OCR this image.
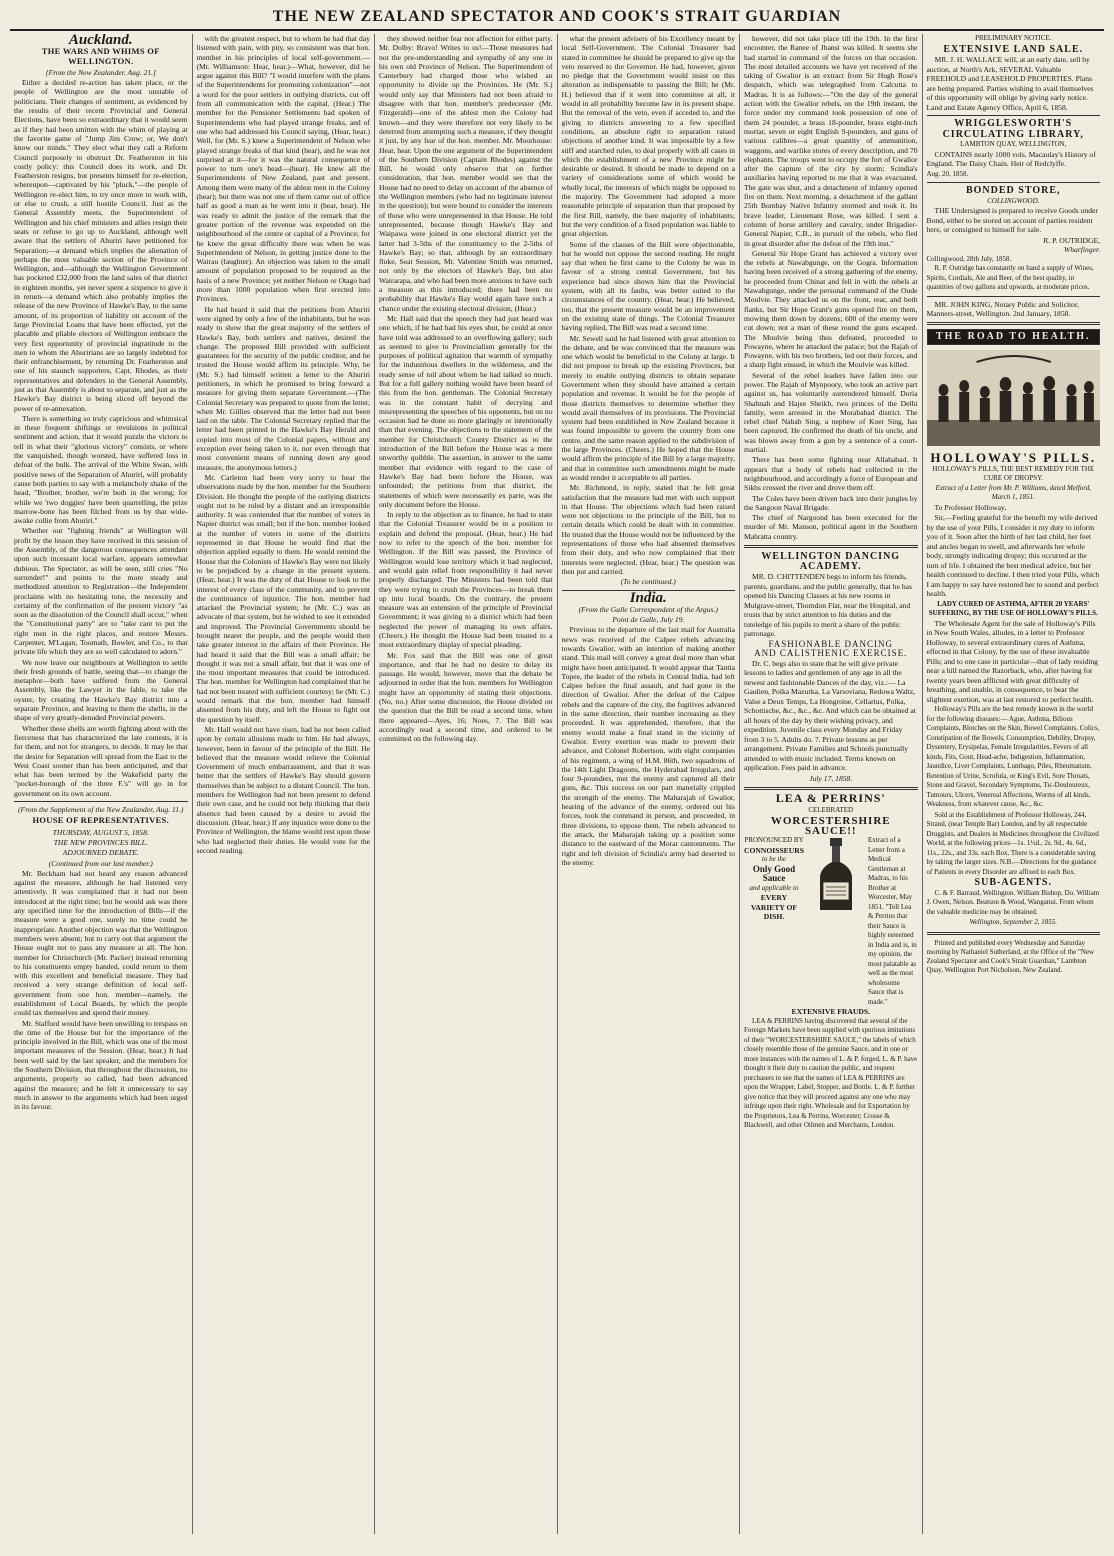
THE NEW ZEALAND SPECTATOR AND COOK'S STRAIT GUARDIAN
Auckland.
THE WARS AND WHIMS OF WELLINGTON.
[From the New Zealander, Aug. 21.]

Either a decided re-action has taken place, or the people of Wellington are the most unstable of politicians. Their changes of sentiment, as evidenced by the results of their recent Provincial and General Elections, have been so extraordinary that it would seem as if they had been smitten with the whim of playing at the favorite game of "Jump Jim Crow; or, We don't know our minds." They elect what they call a Reform Council purposely to obstruct Dr. Featherston in his costly policy: this Council does its work, and Dr. Featherston resigns, but presents himself for re-election, whereupon—captivated by his "pluck,"—the people of Wellington re-elect him, to try once more to work with, or else to crush, a still hostile Council. Just as the General Assembly meets, the Superintendent of Wellington and his chief ministers and allies resign their seats or refuse to go up to Auckland, although well aware that the settlers of Ahuriri have petitioned for Separation;—a demand which implies the alienation of perhaps the most valuable section of the Province of Wellington, and—although the Wellington Government has pocketed £32,000 from the land sales of that district in eighteen months, yet never spent a sixpence to give it in return—a demand which also probably implies the release of the new Province of Hawke's Bay, to the same amount, of its proportion of liability on account of the large Provincial Loans that have been effected, yet the placable and pliable electors of Wellington embrace the very first opportunity of provincial ingratitude to the men to whom the Ahuririans are so largely indebted for their enfranchisement, by returning Dr. Featherston and one of his staunch supporters, Capt. Rhodes, as their representatives and defenders in the General Assembly, just as that Assembly is about to separate, and just as the Hawke's Bay district is being sliced off beyond the power of re-annexation.

There is something so truly capricious and whimsical in these frequent shiftings or revulsions in political sentiment and action, that it would puzzle the victors to tell in what their "glorious victory" consists, or where the vanquished, though worsted, have suffered loss in defeat of the bulk. The arrival of the White Swan, with positive news of the Separation of Ahuriri, will probably cause both parties to say with a melancholy shake of the head, "Brother, brother, we're both in the wrong; for while we 'two doggies' have been quarrelling, the prize marrow-bone has been filched from us by that wide-awake collie from Ahuriri."

Whether our "fighting friends" at Wellington will profit by the lesson they have received in this session of the Assembly, of the dangerous consequences attendant upon such incessant local warfare, appears somewhat dubious. The Spectator, as will be seen, still cries "No surrender!" and points to the more steady and methodized attention to Registration—the Independent proclaims with no hesitating tone, the necessity and certainty of the confirmation of the present victory "as soon as the dissolution of the Council shall occur," when the "Constitutional party" are to "take care to put the right men in the right places, and restore Messrs. Carpenter, M'Lagan, Toomath, Bowler, and Co., to that private life which they are so well calculated to adorn."

We now leave our neighbours at Wellington to settle their fresh grounds of battle, seeing that—to change the metaphor—both have suffered from the General Assembly, like the Lawyer in the fable, to take the oyster, by creating the Hawke's Bay district into a separate Province, and leaving to them the shells, in the shape of very greatly-denuded Provincial powers.

Whether these shells are worth fighting about with the fierceness that has characterized the late contests, it is for them, and not for strangers, to decide. It may be that the desire for Separation will spread from the East to the West Coast sooner than has been anticipated, and that what has been termed by the Wakefield party the "pocket-borough of the three F.'s" will go in for government on its own account.

(From the Supplement of the New Zealander, Aug. 11.)
HOUSE OF REPRESENTATIVES.
THURSDAY, AUGUST 5, 1858.
THE NEW PROVINCES BILL.
ADJOURNED DEBATE.
(Continued from our last number.)

Mr. Beckham had not heard any reason advanced against the measure, although he had listened very attentively. It was complained that it had not been introduced at the right time; but he would ask was there any specified time for the introduction of Bills—if the measure were a good one, surely no time could be inappropriate. Another objection was that the Wellington members were absent; but to carry out that argument the House ought not to pass any measure at all. The hon. member for Christchurch (Mr. Packer) instead returning to his constituents empty handed, could return to them with this excellent and beneficial measure. They had received a very strange definition of local self-government from one hon. member—namely, the establishment of Local Boards, by which the people could tax themselves and spend their money.

Mr. Stafford would have been unwilling to trespass on the time of the House but for the importance of the principle involved in the Bill, which was one of the most important measures of the Session. (Hear, hear.) It had been well said by the last speaker, and the members for the Southern Division, that throughout the discussion, no arguments, properly so called, had been advanced against the measure; and he felt it unnecessary to say much in answer to the arguments which had been urged in its favour.

with the greatest respect, but to whom he had that day listened with pain, with pity, so consistent was that hon. member in his principles of local self-government.—(Mr. Williamson: Hear, hear.)—What, however, did he argue against this Bill? "I would interfere with the plans of the Superintendents for promoting colonization"—not a word for the poor settlers in outlying districts, cut off from all communication with the capital. (Hear.) The member for the Pensioner Settlements had spoken of Superintendents who had played strange freaks, and of one who had addressed his Council saying, (Hear, hear.) Well, for (Mr. S.) knew a Superintendent of Nelson who played strange freaks of that kind (hear), and he was not surprised at it—for it was the natural consequence of power to turn one's head—(hear). He knew all the Superintendents of New Zealand, past and present. Among them were many of the ablest men in the Colony (hear); but there was not one of them came out of office half as good a man as he went into it (hear, hear). He was ready to admit the justice of the remark that the greater portion of the revenue was expended on the neighbourhood of the centre or capital of a Province; for he knew the great difficulty there was when he was Superintendent of Nelson, in getting justice done to the Wairau (laughter). An objection was taken to the small amount of population proposed to be required as the basis of a new Province; yet neither Nelson or Otago had more than 1000 population when first erected into Provinces.

He had heard it said that the petitions from Ahuriri were signed by only a few of the inhabitants, but he was ready to show that the great majority of the settlers of Hawke's Bay, both settlers and natives, desired the change. The proposed Bill provided with sufficient guarantees for the security of the public creditor, and he trusted the House would affirm its principle. Why, he (Mr. S.) had himself written a letter to the Ahuriri petitioners, in which he promised to bring forward a measure for giving them separate Government.—(The Colonial Secretary was prepared to quote from the letter, when Mr. Gillies observed that the letter had not been laid on the table. The Colonial Secretary replied that the letter had been printed in the Hawke's Bay Herald and copied into most of the Colonial papers, without any exception ever being taken to it, nor even through that most convenient means of running down any good measure, the anonymous letters.)

Mr. Carleton had been very sorry to hear the observations made by the hon. member for the Southern Division. He thought the people of the outlying districts ought not to be ruled by a distant and an irresponsible authority. It was contended that the number of voters in Napier district was small; but if the hon. member looked at the number of voters in some of the districts represented in that House he would find that the objection applied equally to them. He would remind the House that the Colonists of Hawke's Bay were not likely to be prejudiced by a change in the present system. (Hear, hear.) It was the duty of that House to look to the interest of every class of the community, and to prevent the continuance of injustice. The hon. member had attacked the Provincial system; he (Mr. C.) was an advocate of that system, but he wished to see it extended and improved. The Provincial Governments should be brought nearer the people, and the people would then take greater interest in the affairs of their Province. He had heard it said that the Bill was a small affair; he thought it was not a small affair, but that it was one of the most important measures that could be introduced. The hon. member for Wellington had complained that he had not been treated with sufficient courtesy; he (Mr. C.) would remark that the hon. member had himself absented from his duty, and left the House to fight out the question by itself.

Mr. Hall would not have risen, had he not been called upon by certain allusions made to him. He had always, however, been in favour of the principle of the Bill. He believed that the measure would relieve the Colonial Government of much embarrassment, and that it was better that the settlers of Hawke's Bay should govern themselves than be subject to a distant Council. The hon. members for Wellington had not been present to defend their own case, and he could not help thinking that their absence had been caused by a desire to avoid the discussion. (Hear, hear.) If any injustice were done to the Province of Wellington, the blame would rest upon those who had neglected their duties. He would vote for the second reading.

they showed neither fear nor affection for either party. Mr. Dolby: Bravo! Writes to us!—Those measures had not the pre-understanding and sympathy of any one in his own old Province of Nelson. The Superintendent of Canterbury had charged those who wished an opportunity to divide up the Provinces. He (Mr. S.) would only say that Ministers had not been afraid to disagree with that hon. member's predecessor (Mr. Fitzgerald)—one of the ablest men the Colony had known—and they were therefore not very likely to be deterred from attempting such a measure, if they thought it just, by any fear of the hon. member. Mr. Moorhouse: Hear, hear. Upon the one argument of the Superintendent of the Southern Division (Captain Rhodes) against the Bill, he would only observe that on further consideration, that hon. member would see that the House had no need to delay on account of the absence of the Wellington members (who had no legitimate interest in the question); but were bound to consider the interests of those who were unrepresented in that House. He told unrepresented, because though Hawke's Bay and Waipawa were joined in one electoral district yet the latter had 3-5ths of the constituency to the 2-5ths of Hawke's Bay; so that, although by an extraordinary fluke, Seat Session, Mr. Valentine Smith was returned, not only by the electors of Hawke's Bay, but also Wairarapa, and who had been more anxious to have such a measure as this introduced; there had been no probability that Hawke's Bay would again have such a chance under the existing electoral division, (Hear.)

Mr. Hall said that the speech they had just heard was one which, if he had had his eyes shut, he could at once have told was addressed to an overflowing gallery; such as seemed to give to Provincialism generally for the purposes of political agitation that warmth of sympathy for the industrious dwellers in the wilderness, and the ready sense of toil about whom he had talked so much. But for a full gallery nothing would have been heard of this from the hon. gentleman. The Colonial Secretary was in the constant habit of decrying and misrepresenting the speeches of his opponents, but on no occasion had he done so more glaringly or intentionally than that evening. The objections to the statement of the member for Christchurch County District as to the introduction of the Bill before the House was a mere unworthy quibble. The assertion, in answer to the same member that evidence with regard to the case of Hawke's Bay had been before the House, was unfounded; the petitions from that district, the statements of which were necessarily ex parte, was the only document before the House.

In reply to the objection as to finance, he had to state that the Colonial Treasurer would be in a position to explain and defend the proposal. (Hear, hear.) He had now to refer to the speech of the hon. member for Wellington. If the Bill was passed, the Province of Wellington would lose territory which it had neglected, and would gain relief from responsibility it had never properly discharged. The Ministers had been told that they were trying to crush the Provinces—to break them up into local boards. On the contrary, the present measure was an extension of the principle of Provincial Government; it was giving to a district which had been neglected the power of managing its own affairs. (Cheers.) He thought the House had been treated to a most extraordinary display of special pleading.

Mr. Fox said that the Bill was one of great importance, and that he had no desire to delay its passage. He would, however, move that the debate be adjourned in order that the hon. members for Wellington might have an opportunity of stating their objections. (No, no.) After some discussion, the House divided on the question that the Bill be read a second time, when there appeared—Ayes, 16; Noes, 7. The Bill was accordingly read a second time, and ordered to be committed on the following day.

what the present advisers of his Excellency meant by local Self-Government. The Colonial Treasurer had stated in committee he should be prepared to give up the veto reserved to the Governor. He had, however, given no pledge that the Government would insist on this alteration as indispensable to passing the Bill; he (Mr. H.) believed that if it went into committee at all, it would in all probability become law in its present shape. But the removal of the veto, even if acceded to, and the giving to districts answering to a few specified conditions, an absolute right to separation raised objections of another kind. It was impossible by a few stiff and starched rules, to deal properly with all cases in which the establishment of a new Province might be desirable or desired. It should be made to depend on a variety of considerations some of which would be wholly local, the interests of which might be opposed to the majority. The Government had adopted a more reasonable principle of separation than that proposed by the first Bill, namely, the bare majority of inhabitants; but the very condition of a fixed population was liable to great objection.

Some of the clauses of the Bill were objectionable, but he would not oppose the second reading. He might say that when he first came to the Colony he was in favour of a strong central Government, but his experience had since shown him that the Provincial system, with all its faults, was better suited to the circumstances of the country. (Hear, hear.) He believed, too, that the present measure would be an improvement on the existing state of things. The Colonial Treasurer having replied, The Bill was read a second time.

Mr. Sewell said he had listened with great attention to the debate, and he was convinced that the measure was one which would be beneficial to the Colony at large. It did not propose to break up the existing Provinces, but merely to enable outlying districts to obtain separate Government when they should have attained a certain population and revenue. It would be for the people of those districts themselves to determine whether they would avail themselves of its provisions. The Provincial system had been established in New Zealand because it was found impossible to govern the country from one centre, and the same reason applied to the subdivision of the large Provinces. (Cheers.) He hoped that the House would affirm the principle of the Bill by a large majority, and that in committee such amendments might be made as would render it acceptable to all parties.

Mr. Richmond, in reply, stated that he felt great satisfaction that the measure had met with such support in that House. The objections which had been raised were not objections to the principle of the Bill, but to certain details which could be dealt with in committee. He trusted that the House would not be influenced by the representations of those who had absented themselves from their duty, and who now complained that their interests were neglected. (Hear, hear.) The question was then put and carried.

(To be continued.)
India.
(From the Galle Correspondent of the Argus.)
Point de Galle, July 19.

Previous to the departure of the last mail for Australia news was received of the Calpee rebels advancing towards Gwalior, with an intention of making another stand. This mail will convey a great deal more than what might have been anticipated. It would appear that Tantia Topee, the leader of the rebels in Central India, had left Calpee before the final assault, and had gone in the direction of Gwalior. After the defeat of the Calpee rebels and the capture of the city, the fugitives advanced in the same direction, their number increasing as they proceeded. It was apprehended, therefore, that the enemy would make a final stand in the vicinity of Gwalior. Every exertion was made to prevent their advance, and Colonel Robertson, with eight companies of his regiment, a wing of H.M. 86th, two squadrons of the 14th Light Dragoons, the Hyderabad Irregulars, and four 9-pounders, met the enemy and captured all their guns, &c. This success on our part materially crippled the strength of the enemy. The Maharajah of Gwalior, hearing of the advance of the enemy, ordered out his forces, took the command in person, and proceeded, in three divisions, to oppose them. The rebels advanced to the attack, the Maharajah taking up a position some distance to the eastward of the Morar cantonments. The right and left division of Scindia's army had deserted to the enemy.

however, did not take place till the 19th. In the first encounter, the Ranee of Jhansi was killed. It seems she had started in command of the forces on that occasion. The most detailed accounts we have yet received of the taking of Gwalior is an extract from Sir Hugh Rose's despatch, which was telegraphed from Calcutta to Madras. It is as follows:—"On the day of the general action with the Gwalior rebels, on the 19th instant, the force under my command took possession of one of them 24 pounder, a brass 18-pounder, brass eight-inch mortar, seven or eight English 9-pounders, and guns of various calibres—a great quantity of ammunition, waggons, and warlike stores of every description, and 70 elephants. The troops went to occupy the fort of Gwalior after the capture of the city by storm; Scindia's auxiliaries having reported to me that it was evacuated. The gate was shut, and a detachment of infantry opened fire on them. Next morning, a detachment of the gallant 25th Bombay Native Infantry stormed and took it. Its brave leader, Lieutenant Rose, was killed. I sent a column of horse artillery and cavalry, under Brigadier-General Napier, C.B., in pursuit of the rebels, who fled in great disorder after the defeat of the 19th inst."

General Sir Hope Grant has achieved a victory over the rebels at Nawabgunge, on the Gogra. Information having been received of a strong gathering of the enemy, he proceeded from Chinat and fell in with the rebels at Nawabgunge, under the personal command of the Oude Moulvie. They attacked us on the front, rear, and both flanks, but Sir Hope Grant's guns opened fire on them, mowing them down by dozens; 600 of the enemy were cut down; not a man of these round the guns escaped. The Moulvie being thus defeated, proceeded to Powayne, where he attacked the palace; but the Rajah of Powayne, with his two brothers, led out their forces, and a sharp fight ensued, in which the Moulvie was killed.

Several of the rebel leaders have fallen into our power. The Rajah of Mynpoory, who took an active part against us, has voluntarily surrendered himself. Doria Shahnah and Hajee Sheikh, two princes of the Delhi family, were arrested in the Morababad district. The rebel chief Nabab Sing, a nephew of Koer Sing, has been captured. He confirmed the death of his uncle, and was blown away from a gun by a sentence of a court-martial.

There has been some fighting near Allahabad. It appears that a body of rebels had collected in the neighbourhood, and accordingly a force of European and Sikhs crossed the river and drove them off.

The Coles have been driven back into their jungles by the Sangoon Naval Brigade.

The chief of Nargoond has been executed for the murder of Mr. Manson, political agent in the Southern Mahratta country.

WELLINGTON DANCING ACADEMY.

MR. D. CHITTENDEN begs to inform his friends, parents, guardians, and the public generally, that he has opened his Dancing Classes at his new rooms in Mulgrave-street, Thorndon Flat, near the Hospital, and trusts that by strict attention to his duties and the tuteledge of his pupils to merit a share of the public patronage.

FASHIONABLE DANCING
AND CALISTHENIC EXERCISE.

Dr. C. begs also to state that he will give private lessons to ladies and gentlemen of any age in all the newest and fashionable Dances of the day, viz.:— La Gaulien, Polka Mazurka, La Varsoviana, Redowa Waltz, Valse a Deux Temps, La Hongroise, Cellarius, Polka, Schottische, &c., &c., &c. And which can be obtained at all hours of the day by their wishing privacy, and expedition. Juvenile class every Monday and Friday from 3 to 5. Adults do. 7. Private lessons as per arrangement. Private Families and Schools punctually attended to with music included. Terms known on application. Fees paid in advance.

July 17, 1858.
LEA & PERRINS'
CELEBRATED
WORCESTERSHIRE SAUCE!!
PRONOUNCED BY
CONNOISSEURS
to be the
Only Good Sauce
and applicable to
EVERY VARIETY OF DISH.
Extract of a Letter from a Medical Gentleman at Madras, to his Brother at Worcester, May 1851. "Tell Lea & Perrins that their Sauce is highly esteemed in India and is, in my opinion, the most palatable as well as the most wholesome Sauce that is made."
EXTENSIVE FRAUDS.

LEA & PERRINS having discovered that several of the Foreign Markets have been supplied with spurious imitations of their "WORCESTERSHIRE SAUCE," the labels of which closely resemble those of the genuine Sauce, and in one or more instances with the names of L. & P. forged, L. & P. have thought it their duty to caution the public, and request purchasers to see that the names of LEA & PERRINS are upon the Wrapper, Label, Stopper, and Bottle. L. & P. further give notice that they will proceed against any one who may infringe upon their right. Wholesale and for Exportation by the Proprietors, Lea & Perrins, Worcester; Crosse & Blackwell, and other Oilmen and Merchants, London.

PRELIMINARY NOTICE.
EXTENSIVE LAND SALE.

MR. J. H. WALLACE will, at an early date, sell by auction, at North's Ark, SEVERAL Valuable FREEHOLD and LEASEHOLD PROPERTIES. Plans are being prepared. Parties wishing to avail themselves of this opportunity will oblige by giving early notice. Land and Estate Agency Office, April 6, 1858.

WRIGGLESWORTH'S
CIRCULATING LIBRARY,
LAMBTON QUAY, WELLINGTON,

CONTAINS nearly 1000 vols. Macaulay's History of England. The Daisy Chain. Heir of Redclyffe.

Aug. 20, 1858.
BONDED STORE,
COLLINGWOOD.

THE Undersigned is prepared to receive Goods under Bond, either to be stored on account of parties resident here, or consigned to himself for sale.

R. P. OUTRIDGE,
Wharfinger.
Collingwood, 28th July, 1858.

R. P. Outridge has constantly on hand a supply of Wines, Spirits, Cordials, Ale and Beer, of the best quality, in quantities of two gallons and upwards, at moderate prices.

MR. JOHN KING, Notary Public and Solicitor, Manners-street, Wellington. 2nd January, 1858.

THE ROAD TO HEALTH.
HOLLOWAY'S PILLS.
HOLLOWAY'S PILLS, THE BEST REMEDY FOR THE CURE OF DROPSY.
Extract of a Letter from Mr. P. Williams, dated Melford, March 1, 1851.

To Professor Holloway,

Sir,—Feeling grateful for the benefit my wife derived by the use of your Pills, I consider it my duty to inform you of it. Soon after the birth of her last child, her feet and ancles began to swell, and afterwards her whole body, strongly indicating dropsy; this occurred at the turn of life. I obtained the best medical advice, but her health continued to decline. I then tried your Pills, which I am happy to say have restored her to sound and perfect health.

LADY CURED OF ASTHMA, AFTER 20 YEARS' SUFFERING, BY THE USE OF HOLLOWAY'S PILLS.

The Wholesale Agent for the sale of Holloway's Pills in New South Wales, alludes, in a letter to Professor Holloway, to several extraordinary cures of Asthma, effected in that Colony, by the use of these invaluable Pills; and to one case in particular—that of lady residing near a hill named the Razorback, who, after having for twenty years been afflicted with great difficulty of breathing, and unable, in consequence, to bear the slightest exertion, was at last restored to perfect health.

Holloway's Pills are the best remedy known in the world for the following diseases:— Ague, Asthma, Bilious Complaints, Blotches on the Skin, Bowel Complaints, Colics, Constipation of the Bowels, Consumption, Debility, Dropsy, Dysentery, Erysipelas, Female Irregularities, Fevers of all kinds, Fits, Gout, Head-ache, Indigestion, Inflammation, Jaundice, Liver Complaints, Lumbago, Piles, Rheumatism, Retention of Urine, Scrofula, or King's Evil, Sore Throats, Stone and Gravel, Secondary Symptoms, Tic-Douloureux, Tumours, Ulcers, Venereal Affections, Worms of all kinds, Weakness, from whatever cause, &c., &c.

Sold at the Establishment of Professor Holloway, 244, Strand, (near Temple Bar) London, and by all respectable Druggists, and Dealers in Medicines throughout the Civilized World, at the following prices—1s. 1½d., 2s. 9d., 4s. 6d., 11s., 22s., and 33s. each Box. There is a considerable saving by taking the larger sizes. N.B.—Directions for the guidance of Patients in every Disorder are affixed to each Box.

SUB-AGENTS.

C. & F. Barraud, Wellington. William Bishop, Do. William J. Owen, Nelson. Beatson & Wood, Wanganui. From whom the valuable medicine may be obtained.

Wellington, September 2, 1855.

Printed and published every Wednesday and Saturday morning by Nathaniel Sutherland, at the Office of the "New Zealand Spectator and Cook's Strait Guardian," Lambton Quay, Wellington Port Nicholson, New Zealand.
